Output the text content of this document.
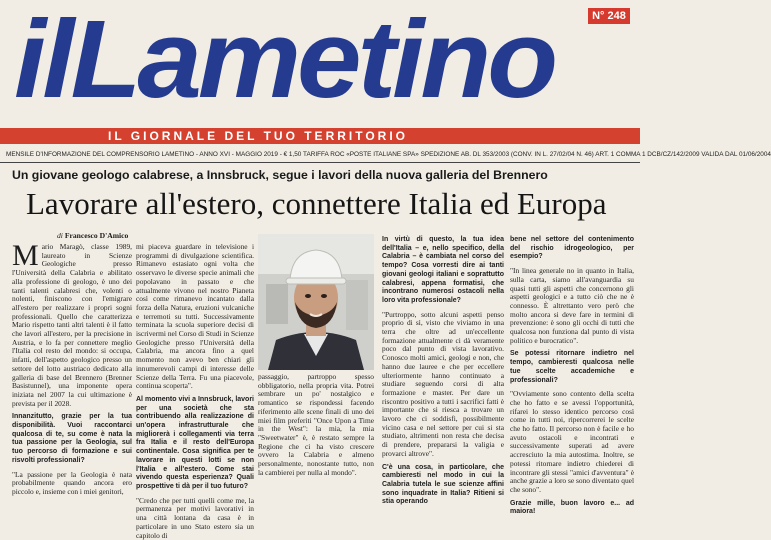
ilLametino	N° 248
IL GIORNALE DEL TUO TERRITORIO
MENSILE D'INFORMAZIONE DEL COMPRENSORIO LAMETINO - ANNO XVI - MAGGIO 2019 - € 1,50 TARIFFA ROC «POSTE ITALIANE SPA» SPEDIZIONE AB. DL 353/2003 (CONV. IN L. 27/02/04 N. 46) ART. 1 COMMA 1 DCB/CZ/142/2009 VALIDA DAL 01/06/2004
Un giovane geologo calabrese, a Innsbruck, segue i lavori della nuova galleria del Brennero
Lavorare all'estero, connettere Italia ed Europa
di Francesco D'Amico

Mario Maragò, classe 1989, laureato in Scienze Geologiche presso l'Università della Calabria e abilitato alla professione di geologo, è uno dei tanti talenti calabresi che, volenti o nolenti, finiscono con l'emigrare all'estero per realizzare i propri sogni professionali. Quello che caratterizza Mario rispetto tanti altri talenti è il fatto che lavori all'estero, per la precisione in Austria, e lo fa per connettere meglio l'Italia col resto del mondo: si occupa, infatti, dell'aspetto geologico presso un settore del lotto austriaco dedicato alla galleria di base del Brennero (Brenner Basistunnel), una imponente opera iniziata nel 2007 la cui ultimazione è prevista per il 2028.

Innanzitutto, grazie per la tua disponibilità. Vuoi raccontarci qualcosa di te, su come è nata la tua passione per la Geologia, sul tuo percorso di formazione e sui risvolti professionali?

"La passione per la Geologia è nata probabilmente quando ancora ero piccolo e, insieme con i miei genitori,

mi piaceva guardare in televisione i programmi di divulgazione scientifica. Rimanevo estasiato ogni volta che osservavo le diverse specie animali che popolavano in passato e che attualmente vivono nel nostro Pianeta così come rimanevo incantato dalla forza della Natura, eruzioni vulcaniche e terremoti su tutti. Successivamente terminata la scuola superiore decisi di iscrivermi nel Corso di Studi in Scienze Geologiche presso l'Università della Calabria, ma ancora fino a quel momento non avevo ben chiari gli innumerevoli campi di interesse delle Scienze della Terra. Fu una piacevole, continua scoperta".

Al momento vivi a Innsbruck, lavori per una società che sta contribuendo alla realizzazione di un'opera infrastrutturale che migliorerà i collegamenti via terra fra Italia e il resto dell'Europa continentale. Cosa significa per te lavorare in questi lotti se non l'Italia e all'estero. Come stai vivendo questa esperienza? Quali prospettive ti dà per il tuo futuro?

"Credo che per tutti quelli come me, la permanenza per motivi lavorativi in una città lontana da casa è in particolare in uno Stato estero sia un capitolo di

passaggio, partroppo spesso obbligatorio, nella propria vita. Potrei sembrare un po' nostalgico e romantico se rispondessi facendo riferimento alle scene finali di uno dei miei film preferiti "Once Upon a Time in the West": la mia, la mia "Sweetwater" è, è restato sempre la Regione che ci ha visto crescere ovvero la Calabria e almeno personalmente, nonostante tutto, non la cambierei per nulla al mondo".

In virtù di questo, la tua idea dell'Italia – e, nello specifico, della Calabria – è cambiata nel corso del tempo? Cosa vorresti dire ai tanti giovani geologi italiani e soprattutto calabresi, appena formatisi, che incontrano numerosi ostacoli nella loro vita professionale?

"Purtroppo, sotto alcuni aspetti penso proprio di sì, visto che viviamo in una terra che oltre ad un'eccellente formazione attualmente ci dà veramente poco dal punto di vista lavorativo. Conosco molti amici, geologi e non, che hanno due lauree e che per eccellere ulteriormente hanno continuato a studiare seguendo corsi di alta formazione e master. Per dare un riscontro positivo a tutti i sacrifici fatti è importante che si riesca a trovare un lavoro che ci soddisfi, possibilmente vicino casa e nel settore per cui si sta studiato, altrimenti non resta che decisa di prendere, prepararsi la valigia e provarci altrove".

C'è una cosa, in particolare, che cambieresti nel modo in cui la Calabria tutela le sue scienze affini sono inquadrate in Italia? Ritieni si stia operando

bene nel settore del contenimento del rischio idrogeologico, per esempio?

"In linea generale no in quanto in Italia, sulla carta, siamo all'avanguardia su quasi tutti gli aspetti che concernono gli aspetti geologici e a tutto ciò che ne è connesso. È altrettanto vero però che molto ancora si deve fare in termini di prevenzione: è sono gli occhi di tutti che qualcosa non funziona dal punto di vista politico e burocratico".

Se potessi ritornare indietro nel tempo, cambieresti qualcosa nelle tue scelte accademiche e professionali?

"Ovviamente sono contento della scelta che ho fatto e se avessi l'opportunità, rifarei lo stesso identico percorso così come in tutti noi, ripercorrerei le scelte che ho fatto. Il percorso non è facile e ho avuto ostacoli e incontrati e successivamente superati ad avere accresciuto la mia autostima. Inoltre, se potessi ritornare indietro chiederei di incontrare gli stessi "amici d'avventura" è anche grazie a loro se sono diventato quel che sono".

Grazie mille, buon lavoro e... ad maiora!
